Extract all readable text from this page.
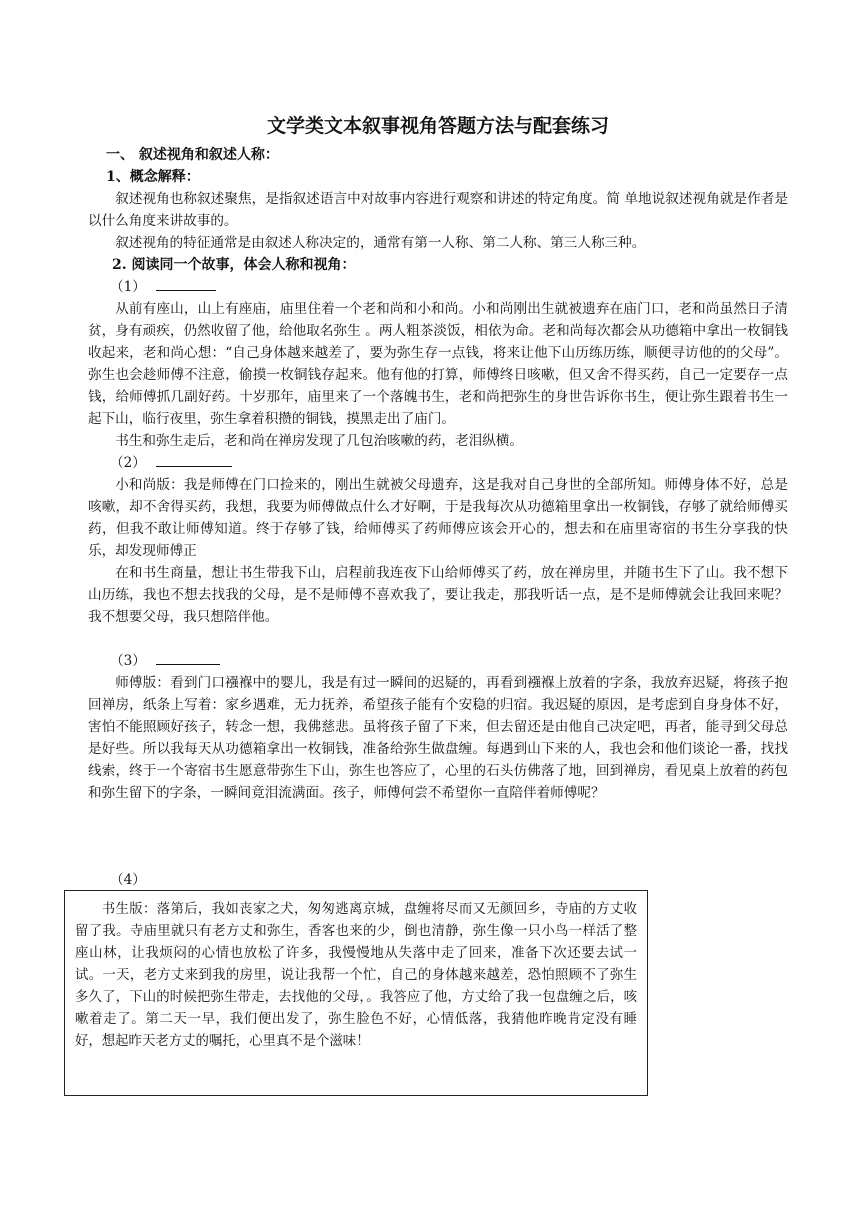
文学类文本叙事视角答题方法与配套练习
一、 叙述视角和叙述人称：
1、概念解释：

叙述视角也称叙述聚焦，是指叙述语言中对故事内容进行观察和讲述的特定角度。简 单地说叙述视角就是作者是以什么角度来讲故事的。

叙述视角的特征通常是由叙述人称决定的，通常有第一人称、第二人称、第三人称三种。

2. 阅读同一个故事，体会人称和视角：
（1）

从前有座山，山上有座庙，庙里住着一个老和尚和小和尚。小和尚刚出生就被遗弃在庙门口，老和尚虽然日子清贫，身有顽疾，仍然收留了他，给他取名弥生 。两人粗茶淡饭，相依为命。老和尚每次都会从功德箱中拿出一枚铜钱收起来，老和尚心想：“自己身体越来越差了，要为弥生存一点钱，将来让他下山历练历练，顺便寻访他的的父母”。弥生也会趁师傅不注意，偷摸一枚铜钱存起来。他有他的打算，师傅终日咳嗽，但又舍不得买药，自己一定要存一点钱，给师傅抓几副好药。十岁那年，庙里来了一个落魄书生，老和尚把弥生的身世告诉你书生，便让弥生跟着书生一起下山，临行夜里，弥生拿着积攒的铜钱，摸黑走出了庙门。

书生和弥生走后，老和尚在禅房发现了几包治咳嗽的药，老泪纵横。

（2）

小和尚版：我是师傅在门口捡来的，刚出生就被父母遗弃，这是我对自己身世的全部所知。师傅身体不好，总是咳嗽，却不舍得买药，我想，我要为师傅做点什么才好啊，于是我每次从功德箱里拿出一枚铜钱，存够了就给师傅买药，但我不敢让师傅知道。终于存够了钱，给师傅买了药师傅应该会开心的，想去和在庙里寄宿的书生分享我的快乐，却发现师傅正

在和书生商量，想让书生带我下山，启程前我连夜下山给师傅买了药，放在禅房里，并随书生下了山。我不想下山历练，我也不想去找我的父母，是不是师傅不喜欢我了，要让我走，那我听话一点，是不是师傅就会让我回来呢？我不想要父母，我只想陪伴他。

（3）

师傅版：看到门口襁褓中的婴儿，我是有过一瞬间的迟疑的，再看到襁褓上放着的字条，我放弃迟疑，将孩子抱回禅房，纸条上写着：家乡遇难，无力抚养，希望孩子能有个安稳的归宿。我迟疑的原因，是考虑到自身身体不好，害怕不能照顾好孩子，转念一想，我佛慈悲。虽将孩子留了下来，但去留还是由他自己决定吧，再者，能寻到父母总是好些。所以我每天从功德箱拿出一枚铜钱，准备给弥生做盘缠。每遇到山下来的人，我也会和他们谈论一番，找找线索，终于一个寄宿书生愿意带弥生下山，弥生也答应了，心里的石头仿佛落了地，回到禅房，看见桌上放着的药包和弥生留下的字条，一瞬间竟泪流满面。孩子，师傅何尝不希望你一直陪伴着师傅呢？

（4）

书生版：落第后，我如丧家之犬，匆匆逃离京城，盘缠将尽而又无颜回乡，寺庙的方丈收留了我。寺庙里就只有老方丈和弥生，香客也来的少，倒也清静，弥生像一只小鸟一样活了整座山林，让我烦闷的心情也放松了许多，我慢慢地从失落中走了回来，准备下次还要去试一试。一天，老方丈来到我的房里，说让我帮一个忙，自己的身体越来越差，恐怕照顾不了弥生多久了，下山的时候把弥生带走，去找他的父母，。我答应了他，方丈给了我一包盘缠之后，咳嗽着走了。第二天一早，我们便出发了，弥生脸色不好，心情低落，我猜他昨晚肯定没有睡好，想起昨天老方丈的嘱托，心里真不是个滋味！
